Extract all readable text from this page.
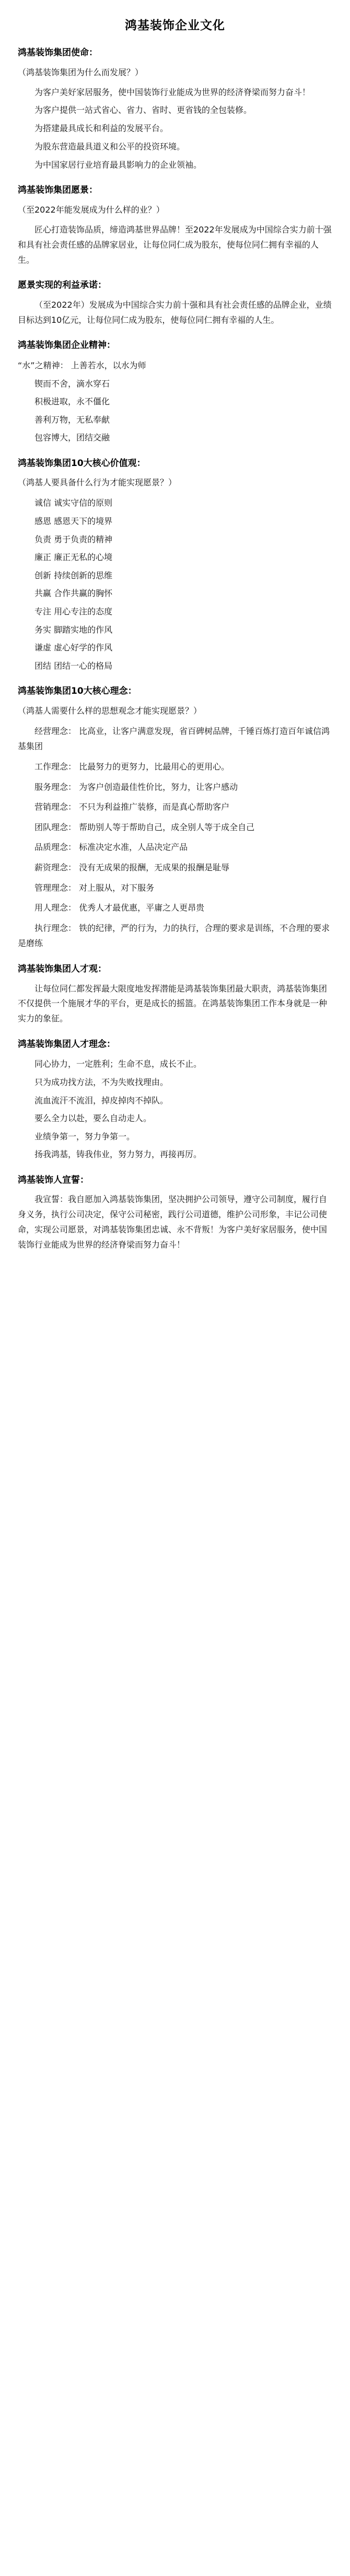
鸿基装饰企业文化
鸿基装饰集团使命：
（鸿基装饰集团为什么而发展？）
为客户美好家居服务，使中国装饰行业能成为世界的经济脊梁而努力奋斗！
为客户提供一站式省心、省力、省时、更省钱的全包装修。
为搭建最具成长和利益的发展平台。
为股东营造最具道义和公平的投资环境。
为中国家居行业培育最具影响力的企业领袖。
鸿基装饰集团愿景：
（至2022年能发展成为什么样的业？）
匠心打造装饰品质，缔造鸿基世界品牌！至2022年发展成为中国综合实力前十强和具有社会责任感的品牌家居业，让每位同仁成为股东，使每位同仁拥有幸福的人生。
愿景实现的利益承诺：
（至2022年）发展成为中国综合实力前十强和具有社会责任感的品牌企业，业绩目标达到10亿元，让每位同仁成为股东，使每位同仁拥有幸福的人生。
鸿基装饰集团企业精神：
“水”之精神： 上善若水，以水为师
锲而不舍，滴水穿石
积极进取，永不僵化
善利万物，无私奉献
包容博大，团结交融
鸿基装饰集团10大核心价值观：
（鸿基人要具备什么行为才能实现愿景？）
诚信 诚实守信的原则
感恩 感恩天下的境界
负责 勇于负责的精神
廉正 廉正无私的心境
创新 持续创新的思维
共赢 合作共赢的胸怀
专注 用心专注的态度
务实 脚踏实地的作风
谦虚 虚心好学的作风
团结 团结一心的格局
鸿基装饰集团10大核心理念：
（鸿基人需要什么样的思想观念才能实现愿景？）
经营理念： 比高业，让客户满意发现，省百碑树品牌，千锤百炼打造百年诚信鸿基集团
工作理念： 比最努力的更努力，比最用心的更用心。
服务理念： 为客户创造最佳性价比，努力，让客户感动
营销理念： 不只为利益推广装修，而是真心帮助客户
团队理念： 帮助别人等于帮助自己，成全别人等于成全自己
品质理念： 标准决定水准，人品决定产品
薪资理念： 没有无成果的报酬，无成果的报酬是耻辱
管理理念： 对上服从，对下服务
用人理念： 优秀人才最优惠，平庸之人更昂贵
执行理念： 铁的纪律，严的行为，力的执行，合理的要求是训练，不合理的要求是磨练
鸿基装饰集团人才观：
让每位同仁都发挥最大限度地发挥潜能是鸿基装饰集团最大职责，鸿基装饰集团不仅提供一个施展才华的平台，更是成长的摇篮。在鸿基装饰集团工作本身就是一种实力的象征。
鸿基装饰集团人才理念：
同心协力，一定胜利；生命不息，成长不止。
只为成功找方法，不为失败找理由。
流血流汗不流泪，掉皮掉肉不掉队。
要么全力以赴，要么自动走人。
业绩争第一，努力争第一。
扬我鸿基，铸我伟业，努力努力，再接再厉。
鸿基装饰人宣誓：
我宣誓：我自愿加入鸿基装饰集团，坚决拥护公司领导，遵守公司制度，履行自身义务，执行公司决定，保守公司秘密，践行公司道德，维护公司形象，丰记公司使命，实现公司愿景，对鸿基装饰集团忠诚、永不背叛！为客户美好家居服务，使中国装饰行业能成为世界的经济脊梁而努力奋斗！
